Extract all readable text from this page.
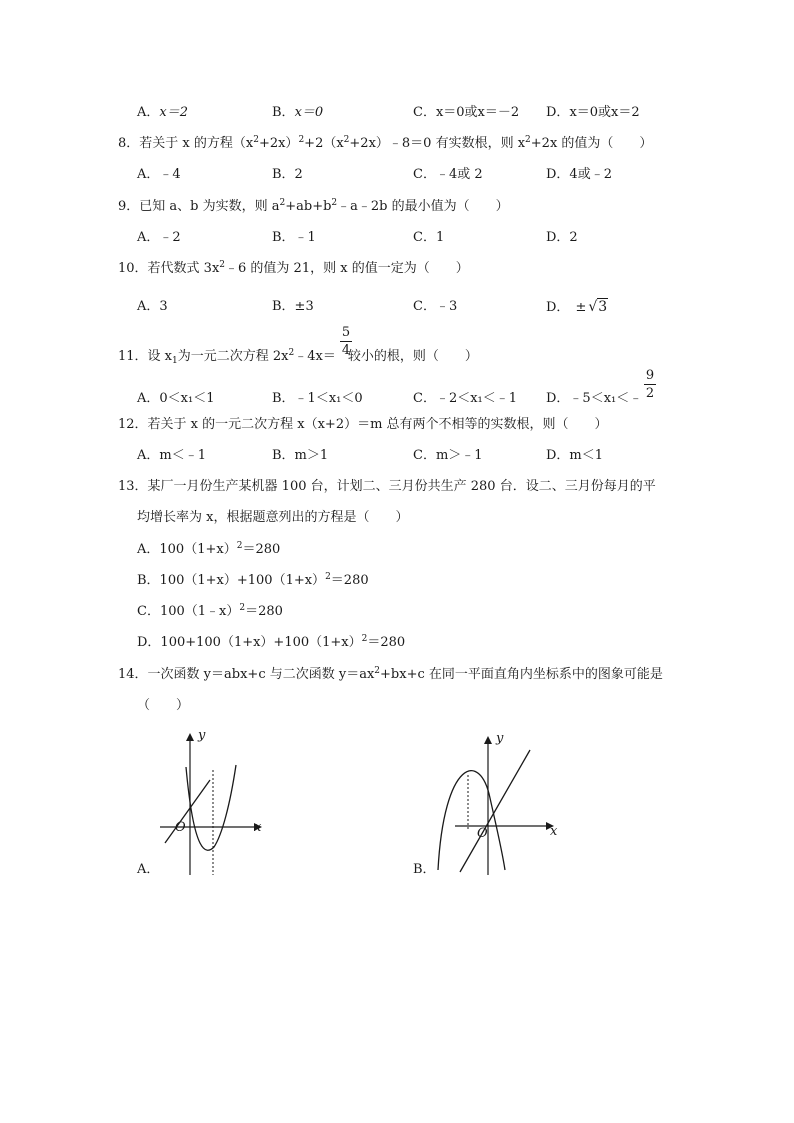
A．x＝2	B．x＝0	C．x＝0或x＝－2 D．x＝0或x＝2
8．若关于 x 的方程$(x^2+2x)^2+2(x^2+2x)﹣8=0$ 有实数根，则 $x^2+2x$ 的值为（　　）
A．﹣4	B．2	C．﹣4或 2	D．4或﹣2
9．已知 a、b 为实数，则 $a^2+ab+b^2﹣a﹣2b$ 的最小值为（　　）
A．﹣2	B．﹣1	C．1	D．2
10．若代数式 $3x^2﹣6$ 的值为 21，则 x 的值一定为（　　）
A．3	B．±3	C．﹣3	D． ± √3
11．设 $x_1$为一元二次方程 $2x^2﹣4x=$ 较小的根，则（　　）
5
4
A．0＜x₁＜1	B．﹣1＜x₁＜0	C．﹣2＜x₁＜﹣1 D．﹣5＜x₁＜﹣
9
2
12．若关于 x 的一元二次方程 x（x+2）＝m 总有两个不相等的实数根，则（　　）
A．m＜﹣1	B．m＞1	C．m＞﹣1	D．m＜1
13．某厂一月份生产某机器 100 台，计划二、三月份共生产 280 台．设二、三月份每月的平
均增长率为 x，根据题意列出的方程是（　　）
A．$100(1+x)^2=280$
B．$100(1+x)+100(1+x)^2=280$
C．100（1﹣x）$^2$＝280
D．$100+100(1+x)+100(1+x)^2=280$
14．一次函数 y＝abx+c 与二次函数 $y=ax^2+bx+c$ 在同一平面直角内坐标系中的图象可能是
（　　）
y
x
O
A．
y
x
O
B．
